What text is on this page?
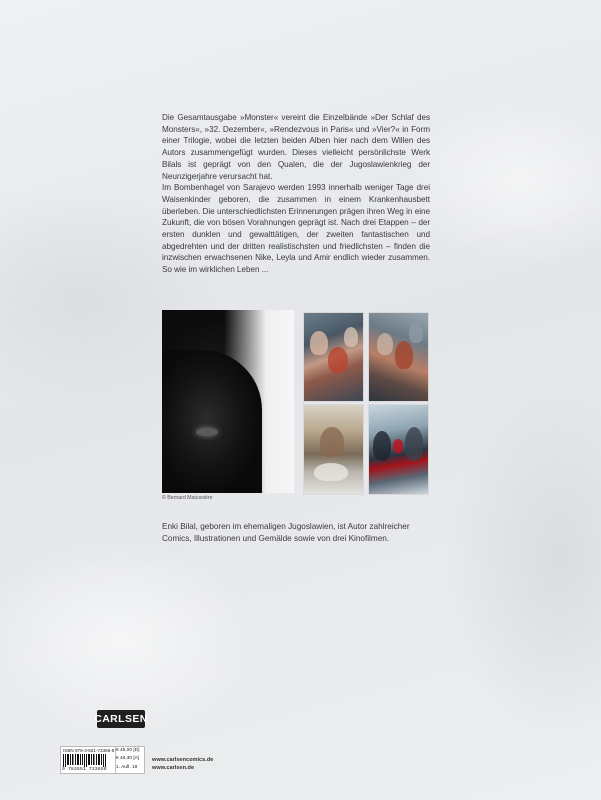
Die Gesamtausgabe »Monster« vereint die Einzelbände »Der Schlaf des Monsters«, »32. Dezember«, »Rendezvous in Paris« und »Vier?« in Form einer Trilogie, wobei die letzten beiden Alben hier nach dem Willen des Autors zusammengefügt wurden. Dieses vielleicht persönlichste Werk Bilals ist geprägt von den Qualen, die der Jugoslawienkrieg der Neunzigerjahre verursacht hat.

Im Bombenhagel von Sarajevo werden 1993 innerhalb weniger Tage drei Waisenkinder geboren, die zusammen in einem Krankenhausbett überleben. Die unterschiedlichsten Erinnerungen prägen ihren Weg in eine Zukunft, die von bösen Vorahnungen geprägt ist. Nach drei Etappen – der ersten dunklen und gewalttätigen, der zweiten fantastischen und abgedrehten und der dritten realistischsten und friedlichsten – finden die inzwischen erwachsenen Nike, Leyla und Amir endlich wieder zusammen. So wie im wirklichen Leben ...

© Bernard Matussière
Enki Bilal, geboren im ehemaligen Jugoslawien, ist Autor zahlreicher Comics, Illustrationen und Gemälde sowie von drei Kinofilmen.
CARLSEN
ISBN 978-3-551-73365-8
9 783551 733658
€ 45,00 [D]
€ 46,30 [A]
1. Aufl. 19
www.carlsencomics.de
www.carlsen.de
